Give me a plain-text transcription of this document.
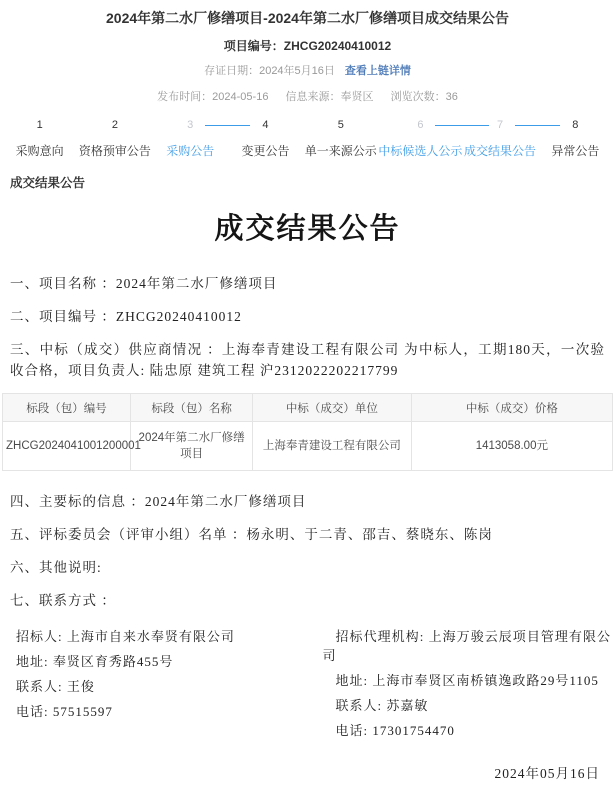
2024年第二水厂修缮项目-2024年第二水厂修缮项目成交结果公告
项目编号：ZHCG20240410012
存证日期：2024年5月16日 查看上链详情
发布时间：2024-05-16 信息来源：奉贤区 浏览次数：36
1
采购意向
2
资格预审公告
3
采购公告
4
变更公告
5
单一来源公示
6
中标候选人公示
7
成交结果公告
8
异常公告
成交结果公告
成交结果公告

一、项目名称 ：2024年第二水厂修缮项目

二、项目编号 ：ZHCG20240410012

三、中标（成交）供应商情况 ：上海奉青建设工程有限公司 为中标人，工期180天，一次验收合格，项目负责人: 陆忠原 建筑工程 沪2312022202217799

标段（包）编号	标段（包）名称	中标（成交）单位	中标（成交）价格
ZHCG2024041001200001	2024年第二水厂修缮项目	上海奉青建设工程有限公司	1413058.00元

四、主要标的信息 ：2024年第二水厂修缮项目

五、评标委员会（评审小组）名单 ：杨永明、于二青、邵吉、蔡晓东、陈岗

六、其他说明:

七、联系方式 ：

招标人: 上海市自来水奉贤有限公司

地址: 奉贤区育秀路455号

联系人: 王俊

电话: 57515597

招标代理机构: 上海万骏云辰项目管理有限公司

地址: 上海市奉贤区南桥镇逸政路29号1105

联系人: 苏嘉敏

电话: 17301754470

2024年05月16日
